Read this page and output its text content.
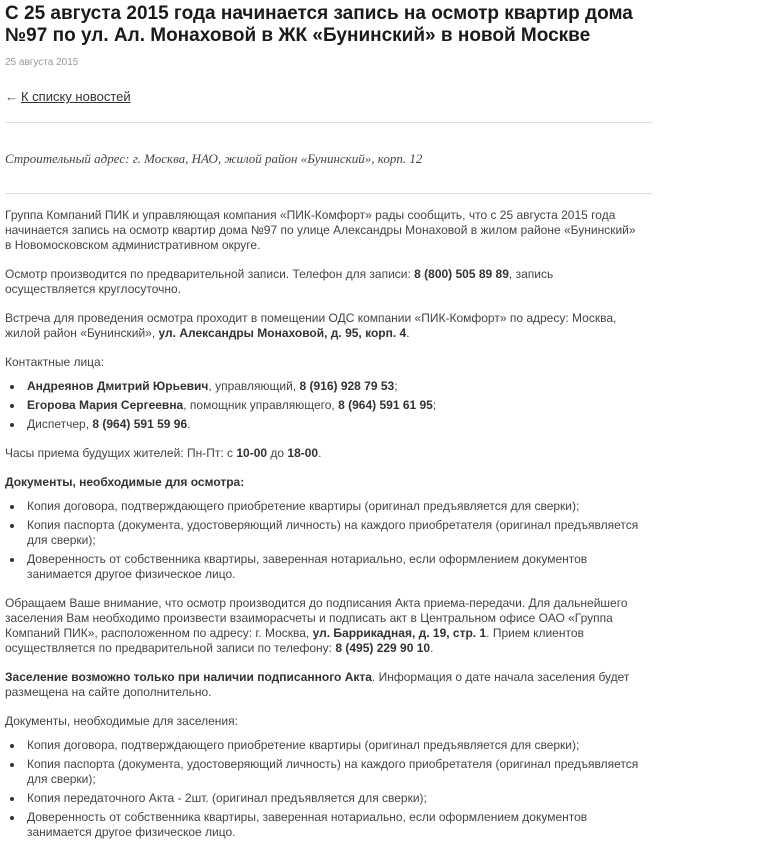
С 25 августа 2015 года начинается запись на осмотр квартир дома №97 по ул. Ал. Монаховой в ЖК «Бунинский» в новой Москве
25 августа 2015
← К списку новостей

Строительный адрес: г. Москва, НАО, жилой район «Бунинский», корп. 12

Группа Компаний ПИК и управляющая компания «ПИК-Комфорт» рады сообщить, что с 25 августа 2015 года начинается запись на осмотр квартир дома №97 по улице Александры Монаховой в жилом районе «Бунинский» в Новомосковском административном округе.

Осмотр производится по предварительной записи. Телефон для записи: 8 (800) 505 89 89, запись осуществляется круглосуточно.

Встреча для проведения осмотра проходит в помещении ОДС компании «ПИК-Комфорт» по адресу: Москва, жилой район «Бунинский», ул. Александры Монаховой, д. 95, корп. 4.

Контактные лица:

Андреянов Дмитрий Юрьевич, управляющий, 8 (916) 928 79 53;
Егорова Мария Сергеевна, помощник управляющего, 8 (964) 591 61 95;
Диспетчер, 8 (964) 591 59 96.

Часы приема будущих жителей: Пн-Пт: с 10-00 до 18-00.

Документы, необходимые для осмотра:

Копия договора, подтверждающего приобретение квартиры (оригинал предъявляется для сверки);
Копия паспорта (документа, удостоверяющий личность) на каждого приобретателя (оригинал предъявляется для сверки);
Доверенность от собственника квартиры, заверенная нотариально, если оформлением документов занимается другое физическое лицо.

Обращаем Ваше внимание, что осмотр производится до подписания Акта приема-передачи. Для дальнейшего заселения Вам необходимо произвести взаиморасчеты и подписать акт в Центральном офисе ОАО «Группа Компаний ПИК», расположенном по адресу: г. Москва, ул. Баррикадная, д. 19, стр. 1. Прием клиентов осуществляется по предварительной записи по телефону: 8 (495) 229 90 10.

Заселение возможно только при наличии подписанного Акта. Информация о дате начала заселения будет размещена на сайте дополнительно.

Документы, необходимые для заселения:

Копия договора, подтверждающего приобретение квартиры (оригинал предъявляется для сверки);
Копия паспорта (документа, удостоверяющий личность) на каждого приобретателя (оригинал предъявляется для сверки);
Копия передаточного Акта - 2шт. (оригинал предъявляется для сверки);
Доверенность от собственника квартиры, заверенная нотариально, если оформлением документов занимается другое физическое лицо.
